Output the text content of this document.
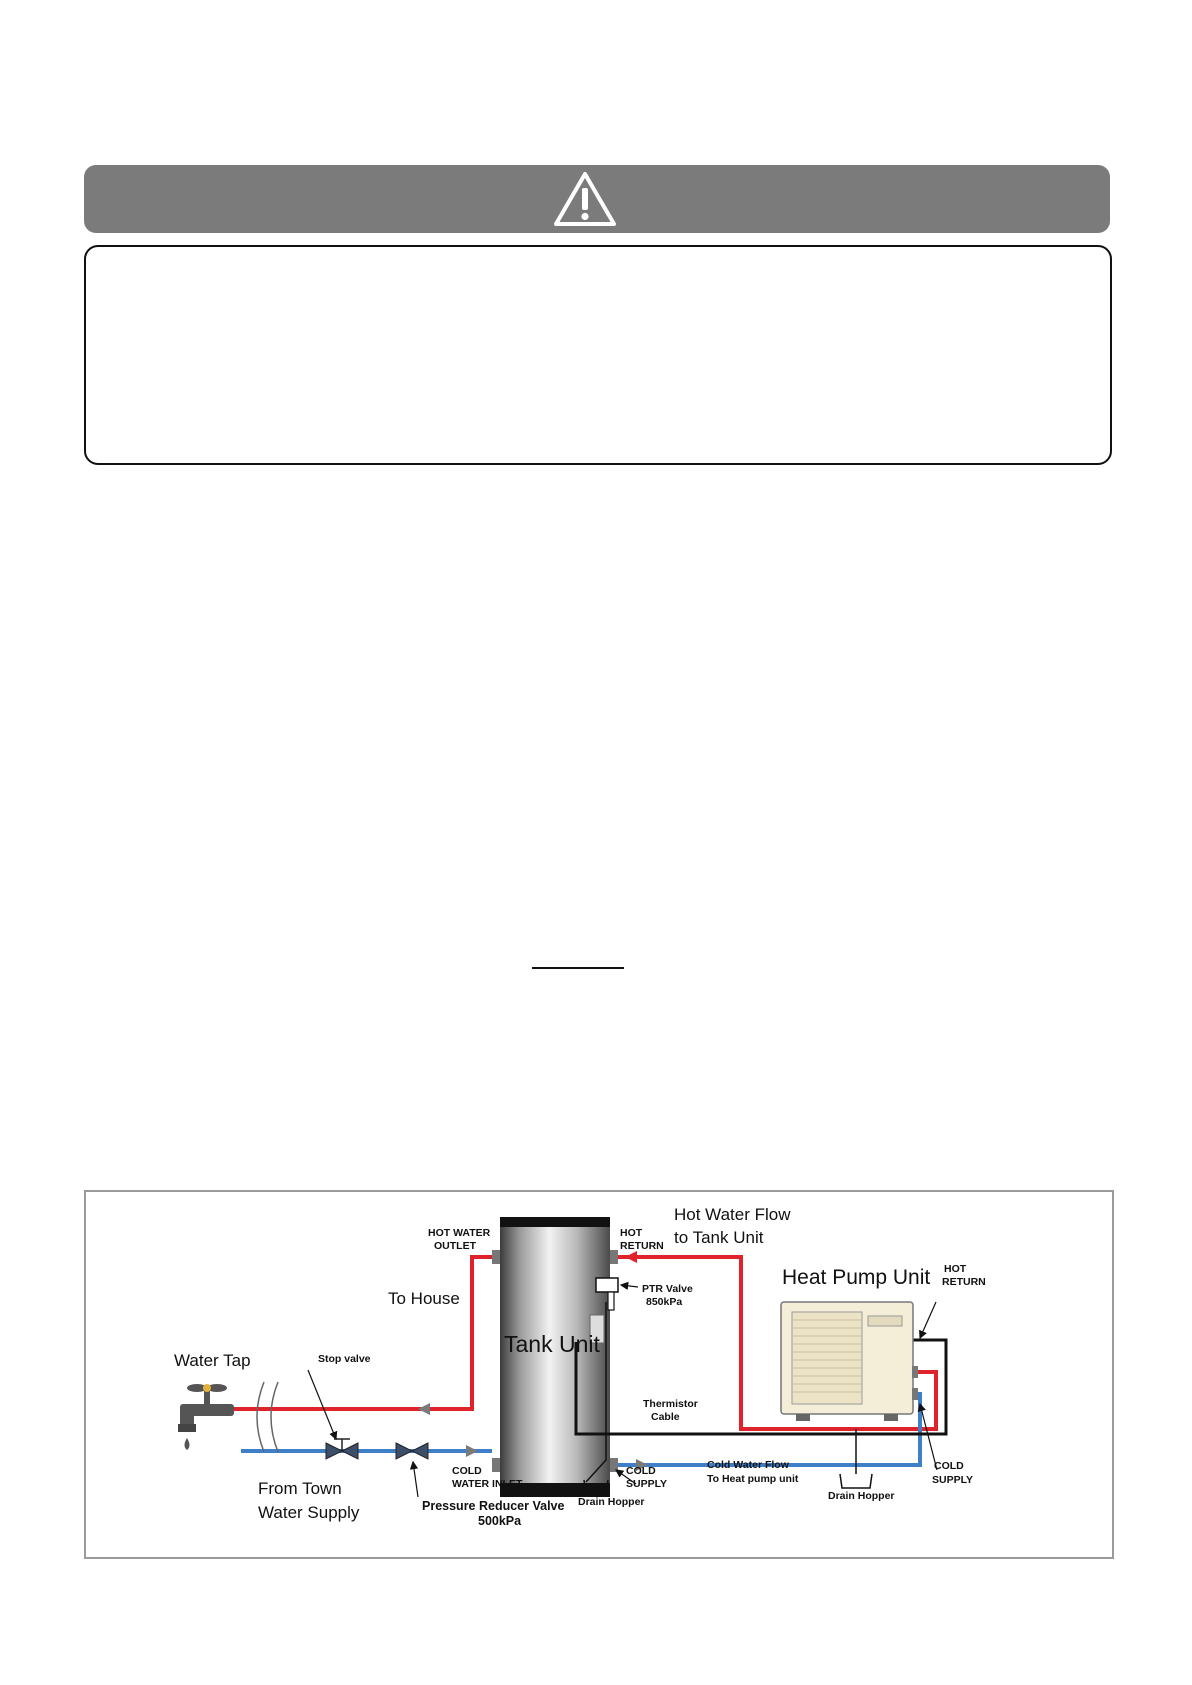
HOT WATER
OUTLET
HOT
RETURN
Hot Water Flow
to Tank Unit
PTR Valve
850kPa
Heat Pump Unit HOT
RETURN
To House
Tank Unit
Water Tap	Stop valve
Thermistor
Cable
COLD
WATER INLET
COLD
SUPPLY
Cold Water Flow
To Heat pump unit
COLD
SUPPLY
From Town
Water Supply	Pressure Reducer Valve
500kPa
Drain Hopper	Drain Hopper
